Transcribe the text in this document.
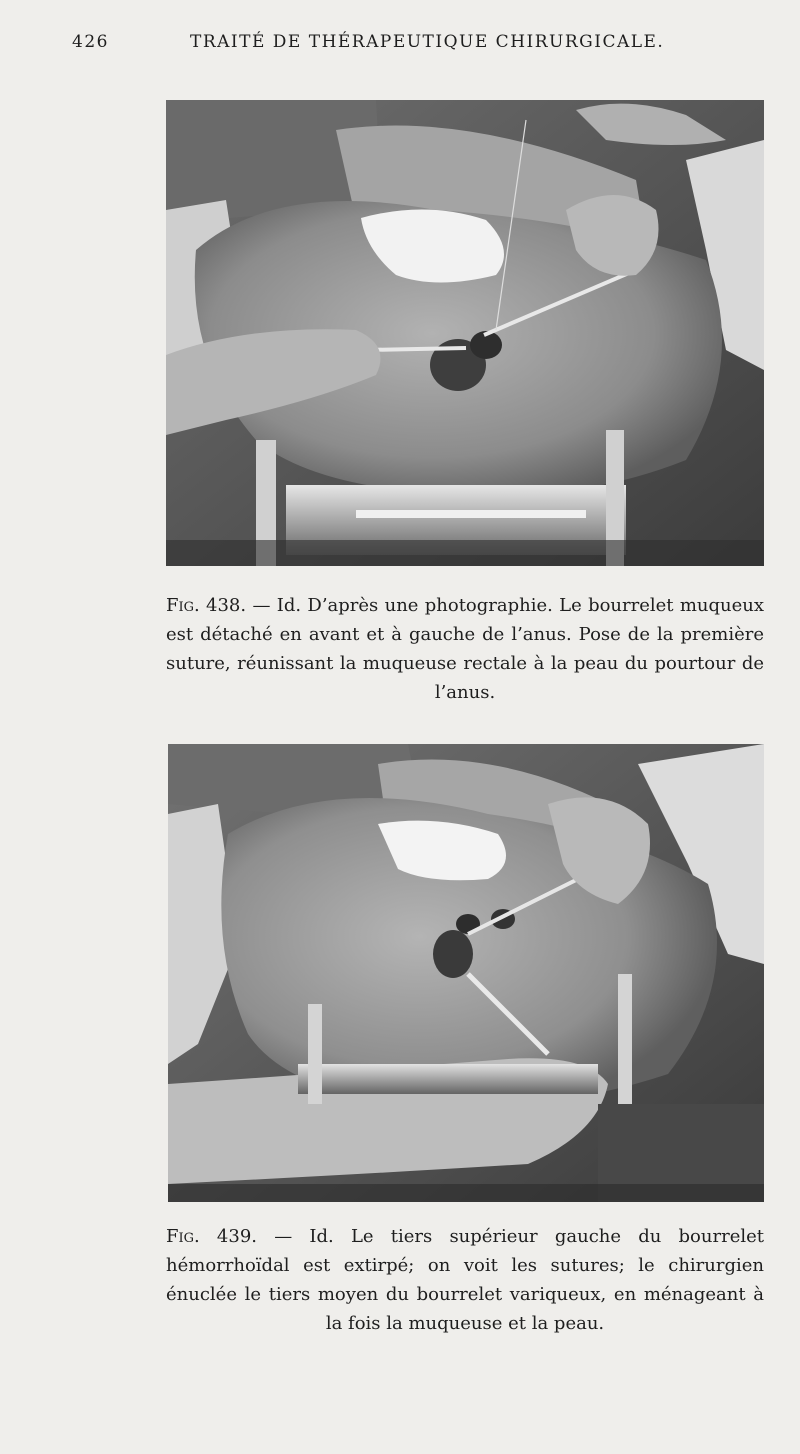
426	TRAITÉ DE THÉRAPEUTIQUE CHIRURGICALE.
Fig. 438. — Id. D’après une photographie. Le bourrelet muqueux est détaché en avant et à gauche de l’anus. Pose de la première suture, réunissant la muqueuse rectale à la peau du pourtour de l’anus.
Fig. 439. — Id. Le tiers supérieur gauche du bourrelet hémorrhoïdal est extirpé; on voit les sutures; le chirurgien énuclée le tiers moyen du bourrelet variqueux, en ménageant à la fois la muqueuse et la peau.
